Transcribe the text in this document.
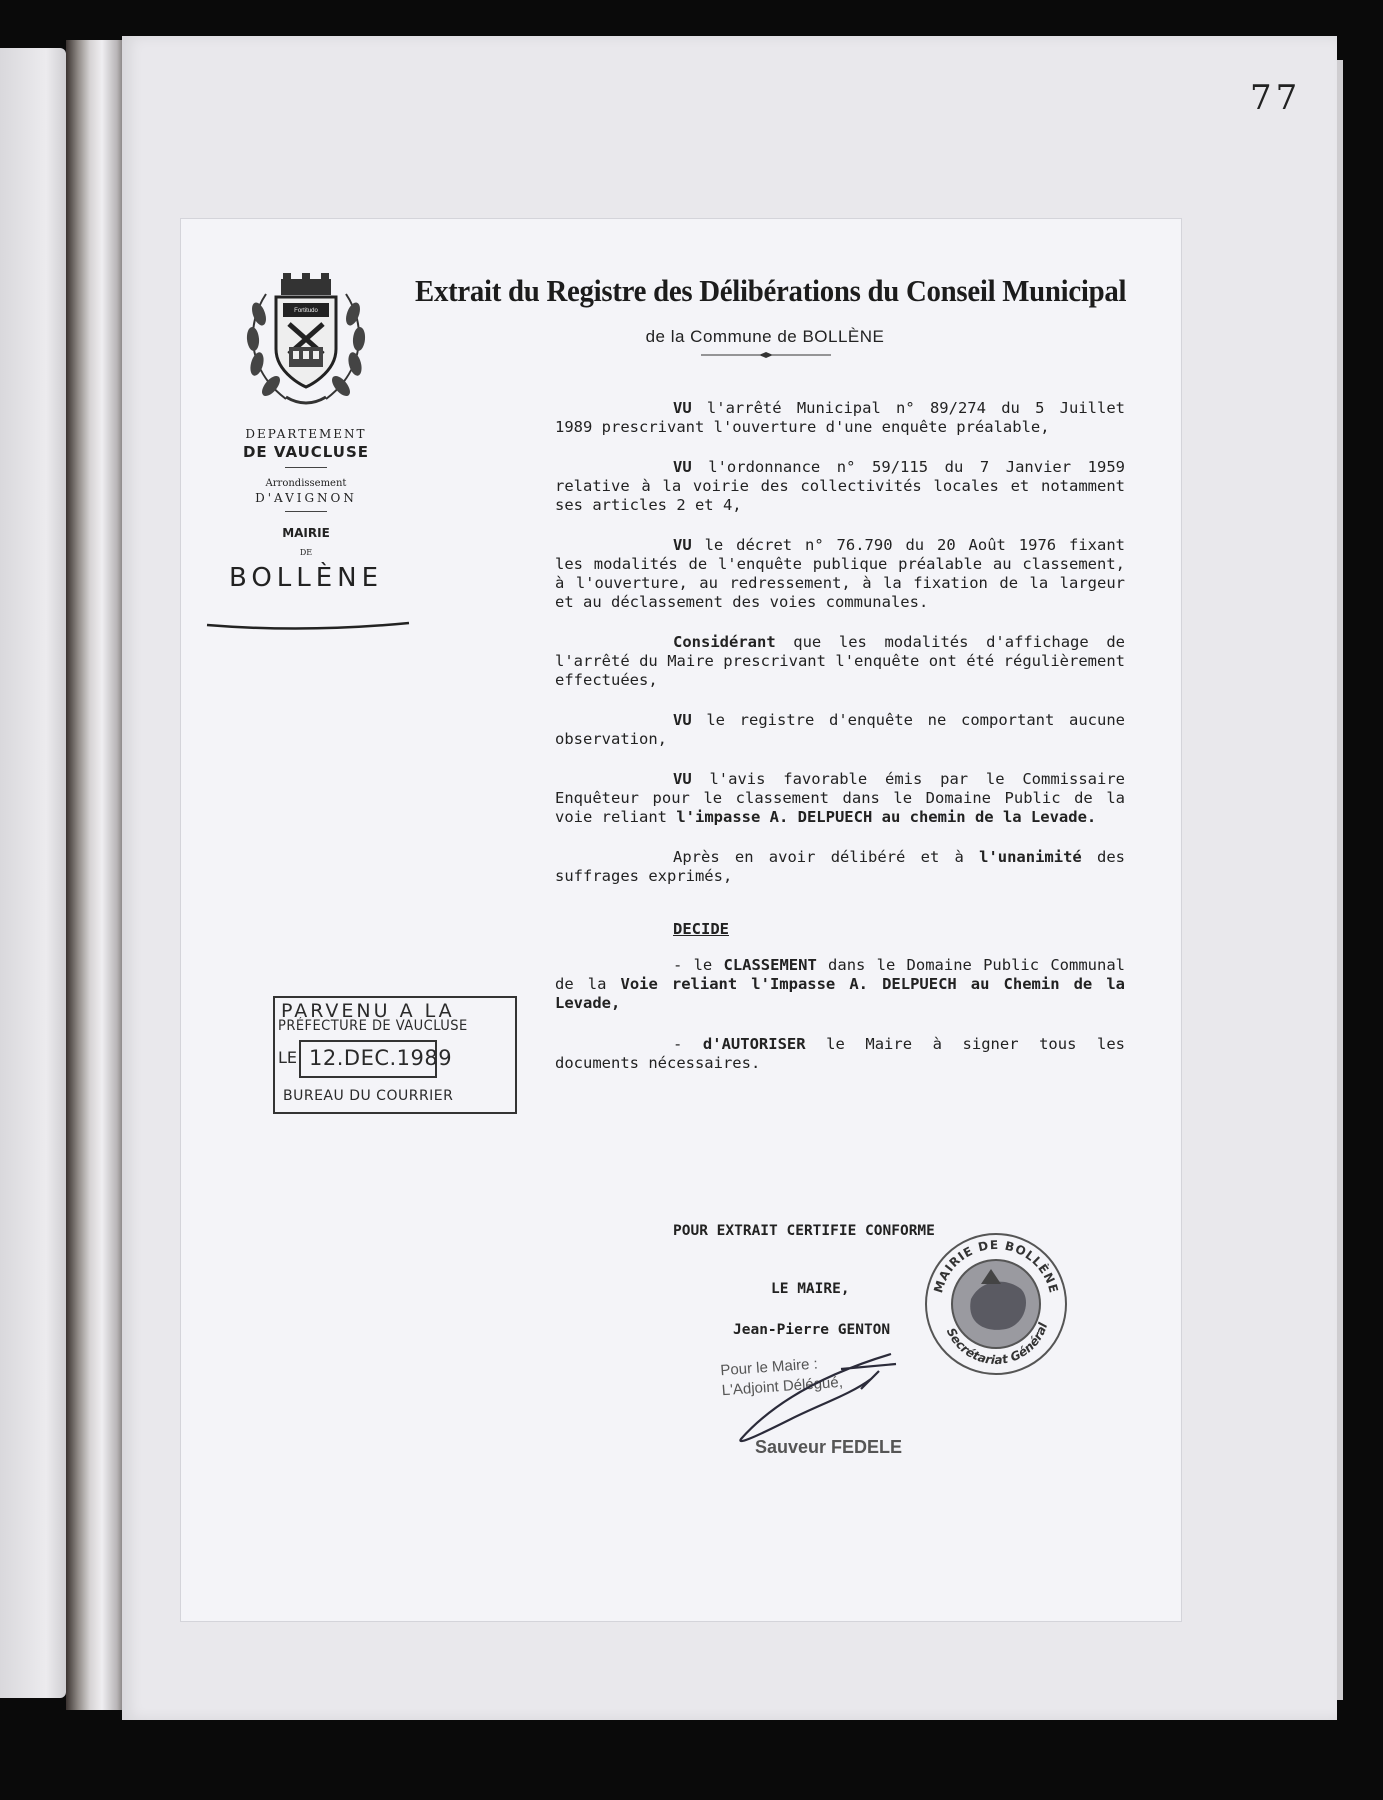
77
Fortitudo
DEPARTEMENT
DE VAUCLUSE
Arrondissement
D'AVIGNON
MAIRIE
DE
BOLLÈNE
Extrait du Registre des Délibérations du Conseil Municipal
de la Commune de BOLLÈNE

VU l'arrêté Municipal n° 89/274 du 5 Juillet 1989 prescrivant l'ouverture d'une enquête préalable,

VU l'ordonnance n° 59/115 du 7 Janvier 1959 relative à la voirie des collectivités locales et notamment ses articles 2 et 4,

VU le décret n° 76.790 du 20 Août 1976 fixant les modalités de l'enquête publique préalable au classement, à l'ouverture, au redressement, à la fixation de la largeur et au déclassement des voies communales.

Considérant que les modalités d'affichage de l'arrêté du Maire prescrivant l'enquête ont été régulièrement effectuées,

VU le registre d'enquête ne comportant aucune observation,

VU l'avis favorable émis par le Commissaire Enquêteur pour le classement dans le Domaine Public de la voie reliant l'impasse A. DELPUECH au chemin de la Levade.

Après en avoir délibéré et à l'unanimité des suffrages exprimés,

DECIDE

- le CLASSEMENT dans le Domaine Public Communal de la Voie reliant l'Impasse A. DELPUECH au Chemin de la Levade,

- d'AUTORISER le Maire à signer tous les documents nécessaires.

PARVENU A LA
PRÉFECTURE DE VAUCLUSE
LE 12.DEC.1989
BUREAU DU COURRIER
POUR EXTRAIT CERTIFIE CONFORME
LE MAIRE,
Jean-Pierre GENTON
Pour le Maire :
L'Adjoint Délégué,
Sauveur FEDELE
MAIRIE DE BOLLÈNE
Secrétariat Général
